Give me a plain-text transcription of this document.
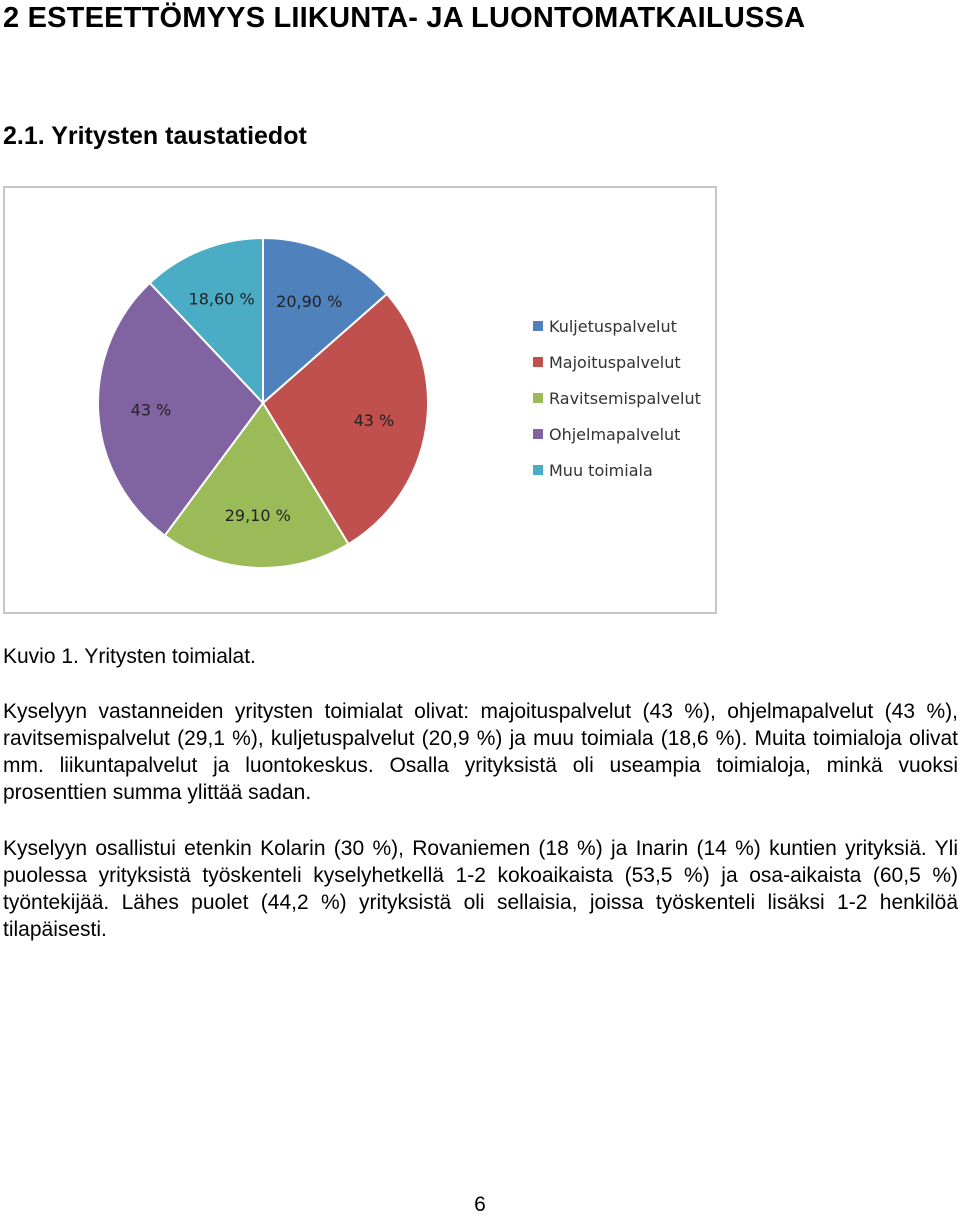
2 ESTEETTÖMYYS LIIKUNTA- JA LUONTOMATKAILUSSA
2.1. Yritysten taustatiedot
20,90 %
43 %
29,10 %
43 %
18,60 %
Kuljetuspalvelut
Majoituspalvelut
Ravitsemispalvelut
Ohjelmapalvelut
Muu toimiala
Kuvio 1. Yritysten toimialat.
Kyselyyn vastanneiden yritysten toimialat olivat: majoituspalvelut (43 %), ohjelmapalvelut (43 %), ravitsemispalvelut (29,1 %), kuljetuspalvelut (20,9 %) ja muu toimiala (18,6 %). Muita toimialoja olivat mm. liikuntapalvelut ja luontokeskus. Osalla yrityksistä oli useampia toimialoja, minkä vuoksi prosenttien summa ylittää sadan.
Kyselyyn osallistui etenkin Kolarin (30 %), Rovaniemen (18 %) ja Inarin (14 %) kuntien yrityksiä. Yli puolessa yrityksistä työskenteli kyselyhetkellä 1-2 kokoaikaista (53,5 %) ja osa-aikaista (60,5 %) työntekijää. Lähes puolet (44,2 %) yrityksistä oli sellaisia, joissa työskenteli lisäksi 1-2 henkilöä tilapäisesti.
6
